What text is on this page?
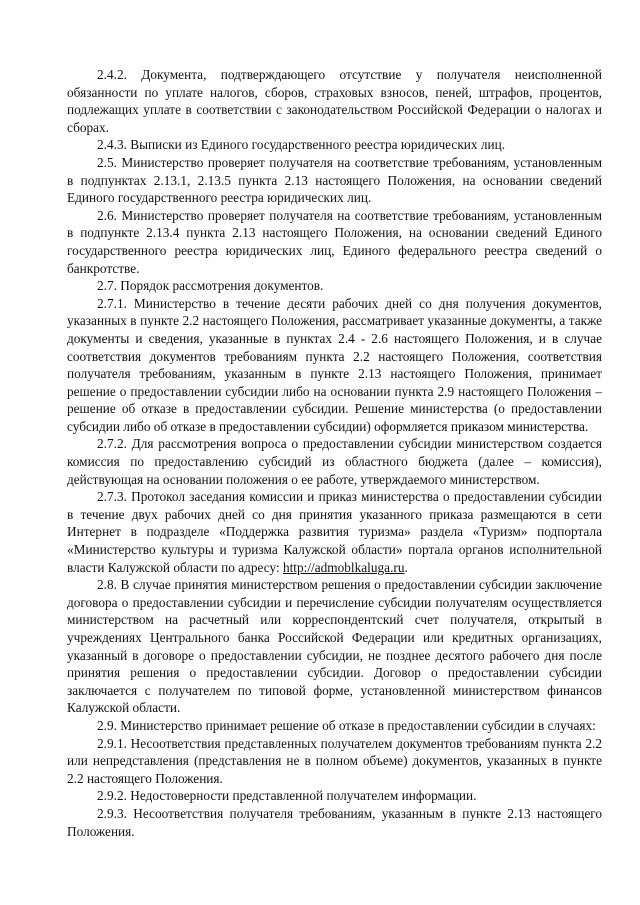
2.4.2. Документа, подтверждающего отсутствие у получателя неисполненной обязанности по уплате налогов, сборов, страховых взносов, пеней, штрафов, процентов, подлежащих уплате в соответствии с законодательством Российской Федерации о налогах и сборах.

2.4.3. Выписки из Единого государственного реестра юридических лиц.

2.5. Министерство проверяет получателя на соответствие требованиям, установленным в подпунктах 2.13.1, 2.13.5 пункта 2.13 настоящего Положения, на основании сведений Единого государственного реестра юридических лиц.

2.6. Министерство проверяет получателя на соответствие требованиям, установленным в подпункте 2.13.4 пункта 2.13 настоящего Положения, на основании сведений Единого государственного реестра юридических лиц, Единого федерального реестра сведений о банкротстве.

2.7. Порядок рассмотрения документов.

2.7.1. Министерство в течение десяти рабочих дней со дня получения документов, указанных в пункте 2.2 настоящего Положения, рассматривает указанные документы, а также документы и сведения, указанные в пунктах 2.4 - 2.6 настоящего Положения, и в случае соответствия документов требованиям пункта 2.2 настоящего Положения, соответствия получателя требованиям, указанным в пункте 2.13 настоящего Положения, принимает решение о предоставлении субсидии либо на основании пункта 2.9 настоящего Положения – решение об отказе в предоставлении субсидии. Решение министерства (о предоставлении субсидии либо об отказе в предоставлении субсидии) оформляется приказом министерства.

2.7.2. Для рассмотрения вопроса о предоставлении субсидии министерством создается комиссия по предоставлению субсидий из областного бюджета (далее – комиссия), действующая на основании положения о ее работе, утверждаемого министерством.

2.7.3. Протокол заседания комиссии и приказ министерства о предоставлении субсидии в течение двух рабочих дней со дня принятия указанного приказа размещаются в сети Интернет в подразделе «Поддержка развития туризма» раздела «Туризм» подпортала «Министерство культуры и туризма Калужской области» портала органов исполнительной власти Калужской области по адресу: http://admoblkaluga.ru.

2.8. В случае принятия министерством решения о предоставлении субсидии заключение договора о предоставлении субсидии и перечисление субсидии получателям осуществляется министерством на расчетный или корреспондентский счет получателя, открытый в учреждениях Центрального банка Российской Федерации или кредитных организациях, указанный в договоре о предоставлении субсидии, не позднее десятого рабочего дня после принятия решения о предоставлении субсидии. Договор о предоставлении субсидии заключается с получателем по типовой форме, установленной министерством финансов Калужской области.

2.9. Министерство принимает решение об отказе в предоставлении субсидии в случаях:

2.9.1. Несоответствия представленных получателем документов требованиям пункта 2.2 или непредставления (представления не в полном объеме) документов, указанных в пункте 2.2 настоящего Положения.

2.9.2. Недостоверности представленной получателем информации.

2.9.3. Несоответствия получателя требованиям, указанным в пункте 2.13 настоящего Положения.
